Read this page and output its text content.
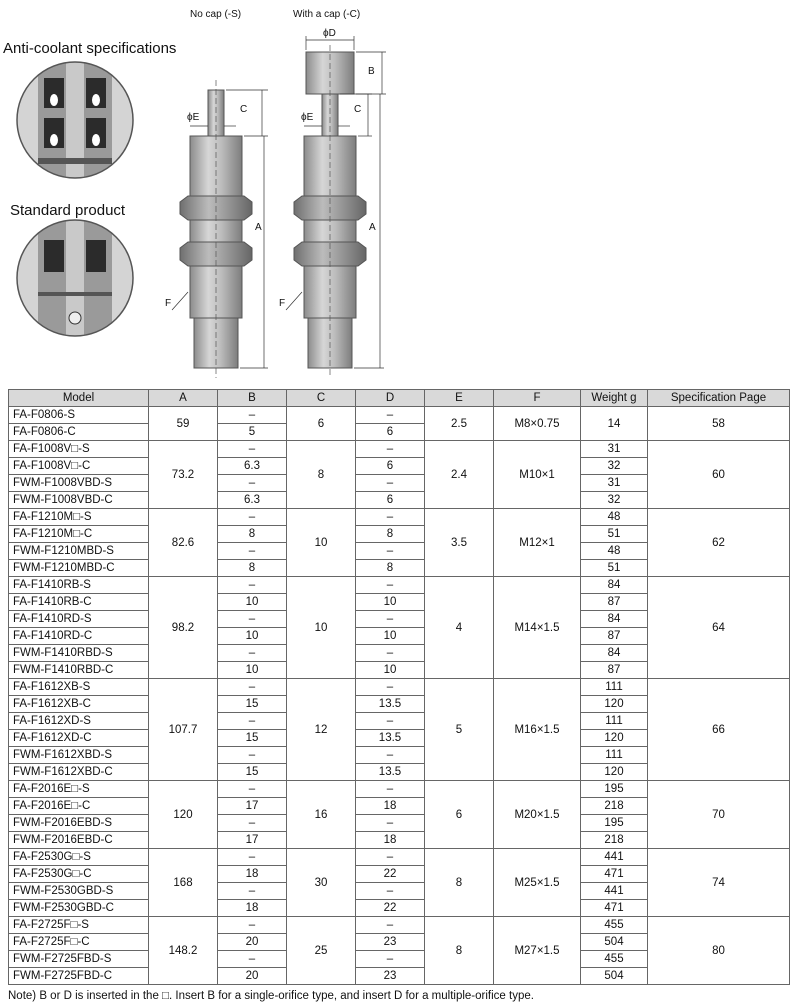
Anti-coolant specifications
Standard product
No cap (-S)	With a cap (-C)
ϕE
C
A
F
ϕD
B
ϕE
C
A
F
Model	A	B	C	D	E	F	Weight g	Specification Page
FA-F0806-S	59	–	6	–	2.5	M8×0.75	14	58
FA-F0806-C		5		6				
FA-F1008V□-S	73.2	–	8	–	2.4	M10×1	31	60
FA-F1008V□-C		6.3		6			32	
FWM-F1008VBD-S		–		–			31	
FWM-F1008VBD-C		6.3		6			32	
FA-F1210M□-S	82.6	–	10	–	3.5	M12×1	48	62
FA-F1210M□-C		8		8			51	
FWM-F1210MBD-S		–		–			48	
FWM-F1210MBD-C		8		8			51	
FA-F1410RB-S	98.2	–	10	–	4	M14×1.5	84	64
FA-F1410RB-C		10		10			87	
FA-F1410RD-S		–		–			84	
FA-F1410RD-C		10		10			87	
FWM-F1410RBD-S		–		–			84	
FWM-F1410RBD-C		10		10			87	
FA-F1612XB-S	107.7	–	12	–	5	M16×1.5	111	66
FA-F1612XB-C		15		13.5			120	
FA-F1612XD-S		–		–			111	
FA-F1612XD-C		15		13.5			120	
FWM-F1612XBD-S		–		–			111	
FWM-F1612XBD-C		15		13.5			120	
FA-F2016E□-S	120	–	16	–	6	M20×1.5	195	70
FA-F2016E□-C		17		18			218	
FWM-F2016EBD-S		–		–			195	
FWM-F2016EBD-C		17		18			218	
FA-F2530G□-S	168	–	30	–	8	M25×1.5	441	74
FA-F2530G□-C		18		22			471	
FWM-F2530GBD-S		–		–			441	
FWM-F2530GBD-C		18		22			471	
FA-F2725F□-S	148.2	–	25	–	8	M27×1.5	455	80
FA-F2725F□-C		20		23			504	
FWM-F2725FBD-S		–		–			455	
FWM-F2725FBD-C		20		23			504	
Note) B or D is inserted in the □. Insert B for a single-orifice type, and insert D for a multiple-orifice type.
